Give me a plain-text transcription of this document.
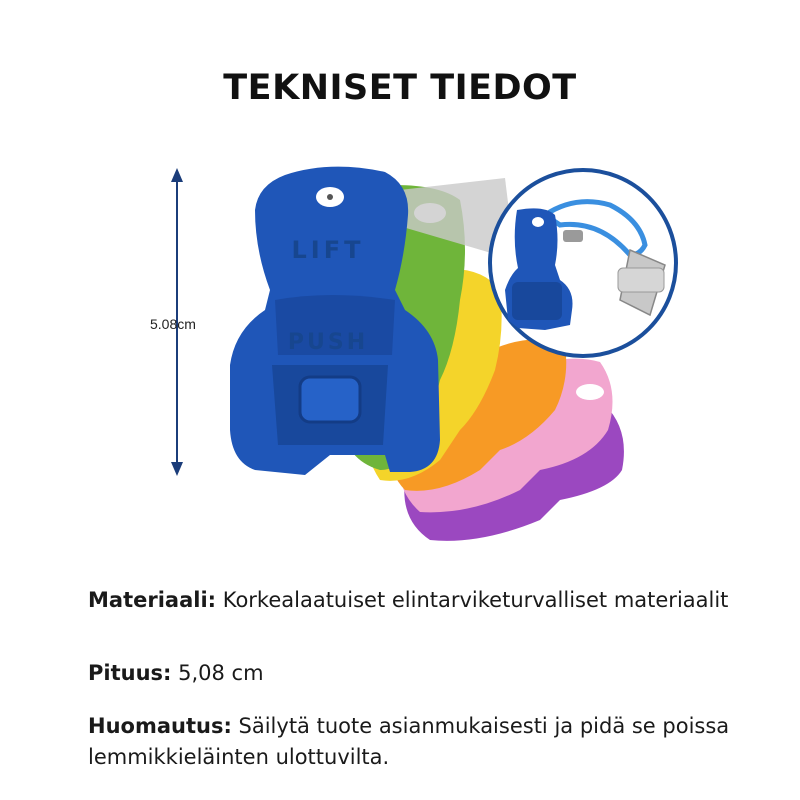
TEKNISET TIEDOT
LIFT
PUSH
5.08cm
Materiaali: Korkealaatuiset elintarviketurvalliset materiaalit
Pituus: 5,08 cm
Huomautus: Säilytä tuote asianmukaisesti ja pidä se poissa lemmikkieläinten ulottuvilta.
